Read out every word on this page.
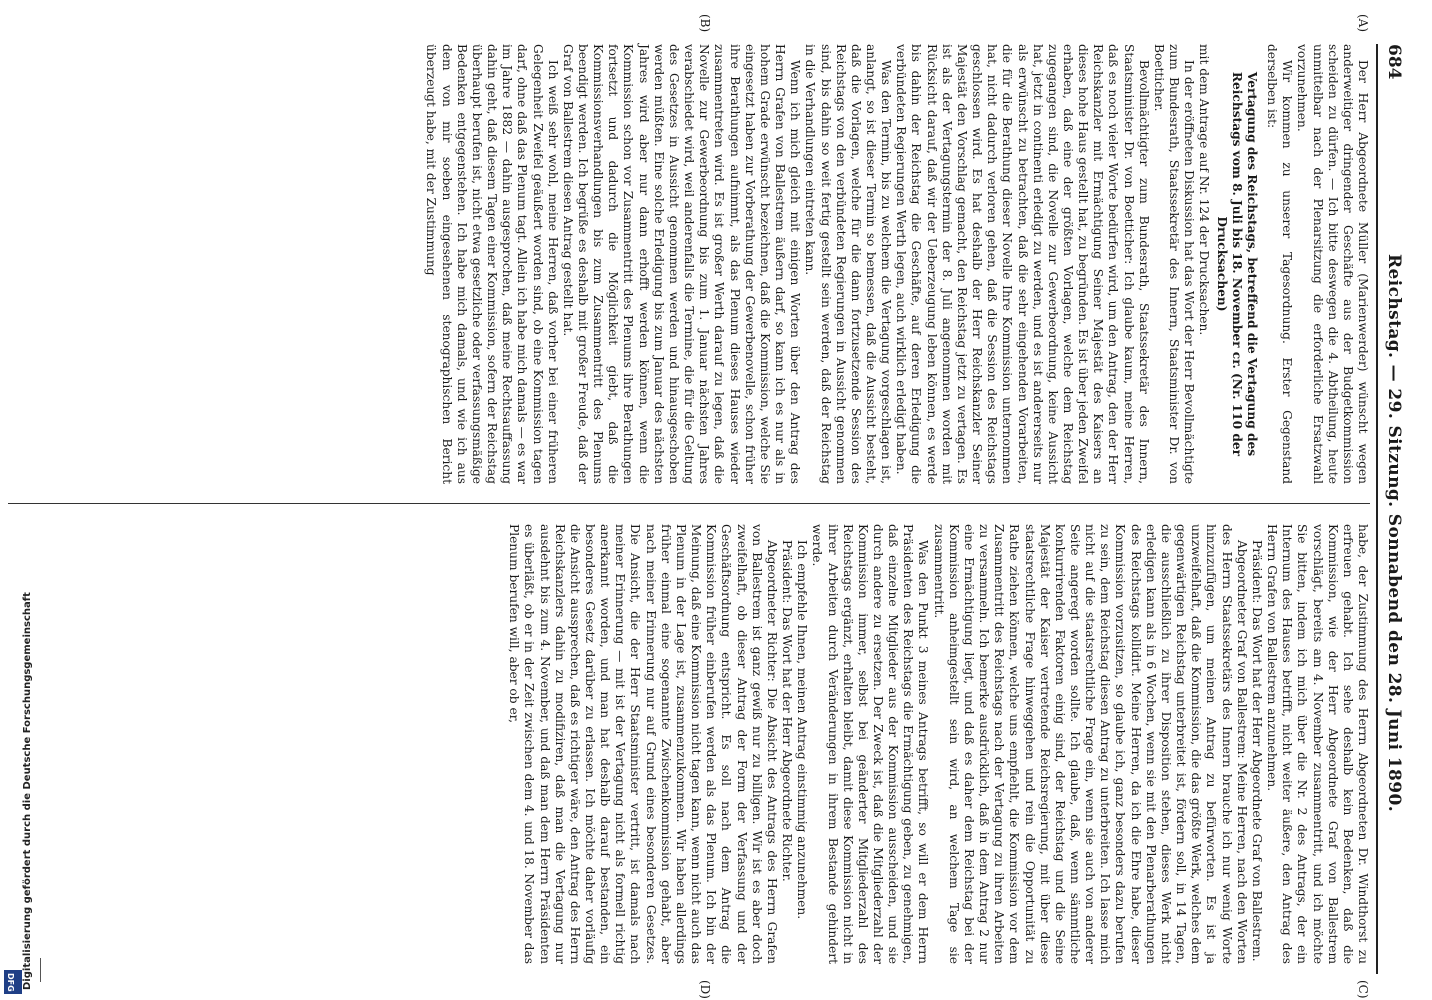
684
Reichstag. — 29. Sitzung. Sonnabend den 28. Juni 1890.
(A)
(B)
(C)
(D)

Der Herr Abgeordnete Müller (Marienwerder) wünscht wegen anderweitiger dringender Geschäfte aus der Budgetkommission scheiden zu dürfen. — Ich bitte deswegen die 4. Abtheilung, heute unmittelbar nach der Plenarsitzung die erforderliche Ersatzwahl vorzunehmen.

Wir kommen zu unserer Tagesordnung. Erster Gegenstand derselben ist:

Vertagung des Reichstags, betreffend die Vertagung des Reichstags vom 8. Juli bis 18. November cr. (Nr. 110 der Drucksachen)

mit dem Antrage auf Nr. 124 der Drucksachen.

In der eröffneten Diskussion hat das Wort der Herr Bevollmächtigte zum Bundesrath, Staatssekretär des Innern, Staatsminister Dr. von Boetticher.

Bevollmächtigter zum Bundesrath, Staatssekretär des Innern, Staatsminister Dr. von Boetticher: Ich glaube kaum, meine Herren, daß es noch vieler Worte bedürfen wird, um den Antrag, den der Herr Reichskanzler mit Ermächtigung Seiner Majestät des Kaisers an dieses hohe Haus gestellt hat, zu begründen. Es ist über jeden Zweifel erhaben, daß eine der größten Vorlagen, welche dem Reichstag zugegangen sind, die Novelle zur Gewerbeordnung, keine Aussicht hat, jetzt in continenti erledigt zu werden, und es ist andererseits nur als erwünscht zu betrachten, daß die sehr eingehenden Vorarbeiten, die für die Berathung dieser Novelle Ihre Kommission unternommen hat, nicht dadurch verloren gehen, daß die Session des Reichstags geschlossen wird. Es hat deshalb der Herr Reichskanzler Seiner Majestät den Vorschlag gemacht, den Reichstag jetzt zu vertagen. Es ist als der Vertagungstermin der 8. Juli angenommen worden mit Rücksicht darauf, daß wir der Ueberzeugung leben können, es werde bis dahin der Reichstag die Geschäfte, auf deren Erledigung die verbündeten Regierungen Werth legen, auch wirklich erledigt haben.

Was den Termin, bis zu welchem die Vertagung vorgeschlagen ist, anlangt, so ist dieser Termin so bemessen, daß die Aussicht besteht, daß die Vorlagen, welche für die dann fortzusetzende Session des Reichstags von den verbündeten Regierungen in Aussicht genommen sind, bis dahin so weit fertig gestellt sein werden, daß der Reichstag in die Verhandlungen eintreten kann.

Wenn ich mich gleich mit einigen Worten über den Antrag des Herrn Grafen von Ballestrem äußern darf, so kann ich es nur als in hohem Grade erwünscht bezeichnen, daß die Kommission, welche Sie eingesetzt haben zur Vorberathung der Gewerbenovelle, schon früher ihre Berathungen aufnimmt, als das Plenum dieses Hauses wieder zusammentreten wird. Es ist großer Werth darauf zu legen, daß die Novelle zur Gewerbeordnung bis zum 1. Januar nächsten Jahres verabschiedet wird, weil anderenfalls die Termine, die für die Geltung des Gesetzes in Aussicht genommen werden und hinausgeschoben werden müßten. Eine solche Erledigung bis zum Januar des nächsten Jahres wird aber nur dann erhofft werden können, wenn die Kommission schon vor Zusammentritt des Plenums ihre Berathungen fortsetzt und dadurch die Möglichkeit giebt, daß die Kommissionsverhandlungen bis zum Zusammentritt des Plenums beendigt werden. Ich begrüße es deshalb mit großer Freude, daß der Graf von Ballestrem diesen Antrag gestellt hat.

Ich weiß sehr wohl, meine Herren, daß vorher bei einer früheren Gelegenheit Zweifel geäußert worden sind, ob eine Kommission tagen darf, ohne daß das Plenum tagt. Allein ich habe mich damals — es war im Jahre 1882 — dahin ausgesprochen, daß meine Rechtsauffassung dahin geht, daß diesem Tagen einer Kommission, sofern der Reichstag überhaupt berufen ist, nicht etwa gesetzliche oder verfassungsmäßige Bedenken entgegenstehen. Ich habe mich damals, und wie ich aus dem von mir soeben eingesehenen stenographischen Bericht überzeugt habe, mit der Zustimmung

habe, der Zustimmung des Herrn Abgeordneten Dr. Windthorst zu erfreuen gehabt. Ich sehe deshalb kein Bedenken, daß die Kommission, wie der Herr Abgeordnete Graf von Ballestrem vorschlägt, bereits am 4. November zusammentritt, und ich möchte Sie bitten, indem ich mich über die Nr. 2 des Antrags, der ein Internum des Hauses betrifft, nicht weiter äußere, den Antrag des Herrn Grafen von Ballestrem anzunehmen.

Präsident: Das Wort hat der Herr Abgeordnete Graf von Ballestrem.

Abgeordneter Graf von Ballestrem: Meine Herren, nach den Worten des Herrn Staatssekretärs des Innern brauche ich nur wenig Worte hinzuzufügen, um meinen Antrag zu befürworten. Es ist ja unzweifelhaft, daß die Kommission, die das größte Werk, welches dem gegenwärtigen Reichstag unterbreitet ist, fördern soll, in 14 Tagen, die ausschließlich zu ihrer Disposition stehen, dieses Werk nicht erledigen kann als in 6 Wochen, wenn sie mit den Plenarberathungen des Reichstags kollidirt. Meine Herren, da ich die Ehre habe, dieser Kommission vorzusitzen, so glaube ich, ganz besonders dazu berufen zu sein, dem Reichstag diesen Antrag zu unterbreiten. Ich lasse mich nicht auf die staatsrechtliche Frage ein, wenn sie auch von anderer Seite angeregt worden sollte. Ich glaube, daß, wenn sämmtliche konkurrirenden Faktoren einig sind, der Reichstag und die Seine Majestät der Kaiser vertretende Reichsregierung, mit über diese staatsrechtliche Frage hinweggehen und rein die Opportunität zu Rathe ziehen können, welche uns empfiehlt, die Kommission vor dem Zusammentritt des Reichstags nach der Vertagung zu ihren Arbeiten zu versammeln. Ich bemerke ausdrücklich, daß in dem Antrag 2 nur eine Ermächtigung liegt, und daß es daher dem Reichstag bei der Kommission anheimgestellt sein wird, an welchem Tage sie zusammentritt.

Was den Punkt 3 meines Antrags betrifft, so will er dem Herrn Präsidenten des Reichstags die Ermächtigung geben, zu genehmigen, daß einzelne Mitglieder aus der Kommission ausscheiden, und sie durch andere zu ersetzen. Der Zweck ist, daß die Mitgliederzahl der Kommission immer, selbst bei geänderter Mitgliederzahl des Reichstags ergänzt, erhalten bleibt, damit diese Kommission nicht in ihrer Arbeiten durch Veränderungen in ihrem Bestande gehindert werde.

Ich empfehle Ihnen, meinen Antrag einstimmig anzunehmen.

Präsident: Das Wort hat der Herr Abgeordnete Richter.

Abgeordneter Richter: Die Absicht des Antrags des Herrn Grafen von Ballestrem ist ganz gewiß nur zu billigen. Wir ist es aber doch zweifelhaft, ob dieser Antrag der Form der Verfassung und der Geschäftsordnung entspricht. Es soll nach dem Antrag die Kommission früher einberufen werden als das Plenum. Ich bin der Meinung, daß eine Kommission nicht tagen kann, wenn nicht auch das Plenum in der Lage ist, zusammenzukommen. Wir haben allerdings früher einmal eine sogenannte Zwischenkommission gehabt, aber nach meiner Erinnerung nur auf Grund eines besonderen Gesetzes. Die Ansicht, die der Herr Staatsminister vertritt, ist damals nach meiner Erinnerung — mit ist der Vertagung nicht als formell richtig anerkannt worden, und man hat deshalb darauf bestanden, ein besonderes Gesetz darüber zu erlassen. Ich möchte daher vorläufig die Ansicht aussprechen, daß es richtiger wäre, den Antrag des Herrn Reichskanzlers dahin zu modifiziren, daß man die Vertagung nur ausdehnt bis zum 4. November, und daß man dem Herrn Präsidenten es überläßt, ob er in der Zeit zwischen dem 4. und 18. November das Plenum berufen will, aber ob er,

Digitalisierung gefördert durch die Deutsche Forschungsgemeinschaft
DFG
